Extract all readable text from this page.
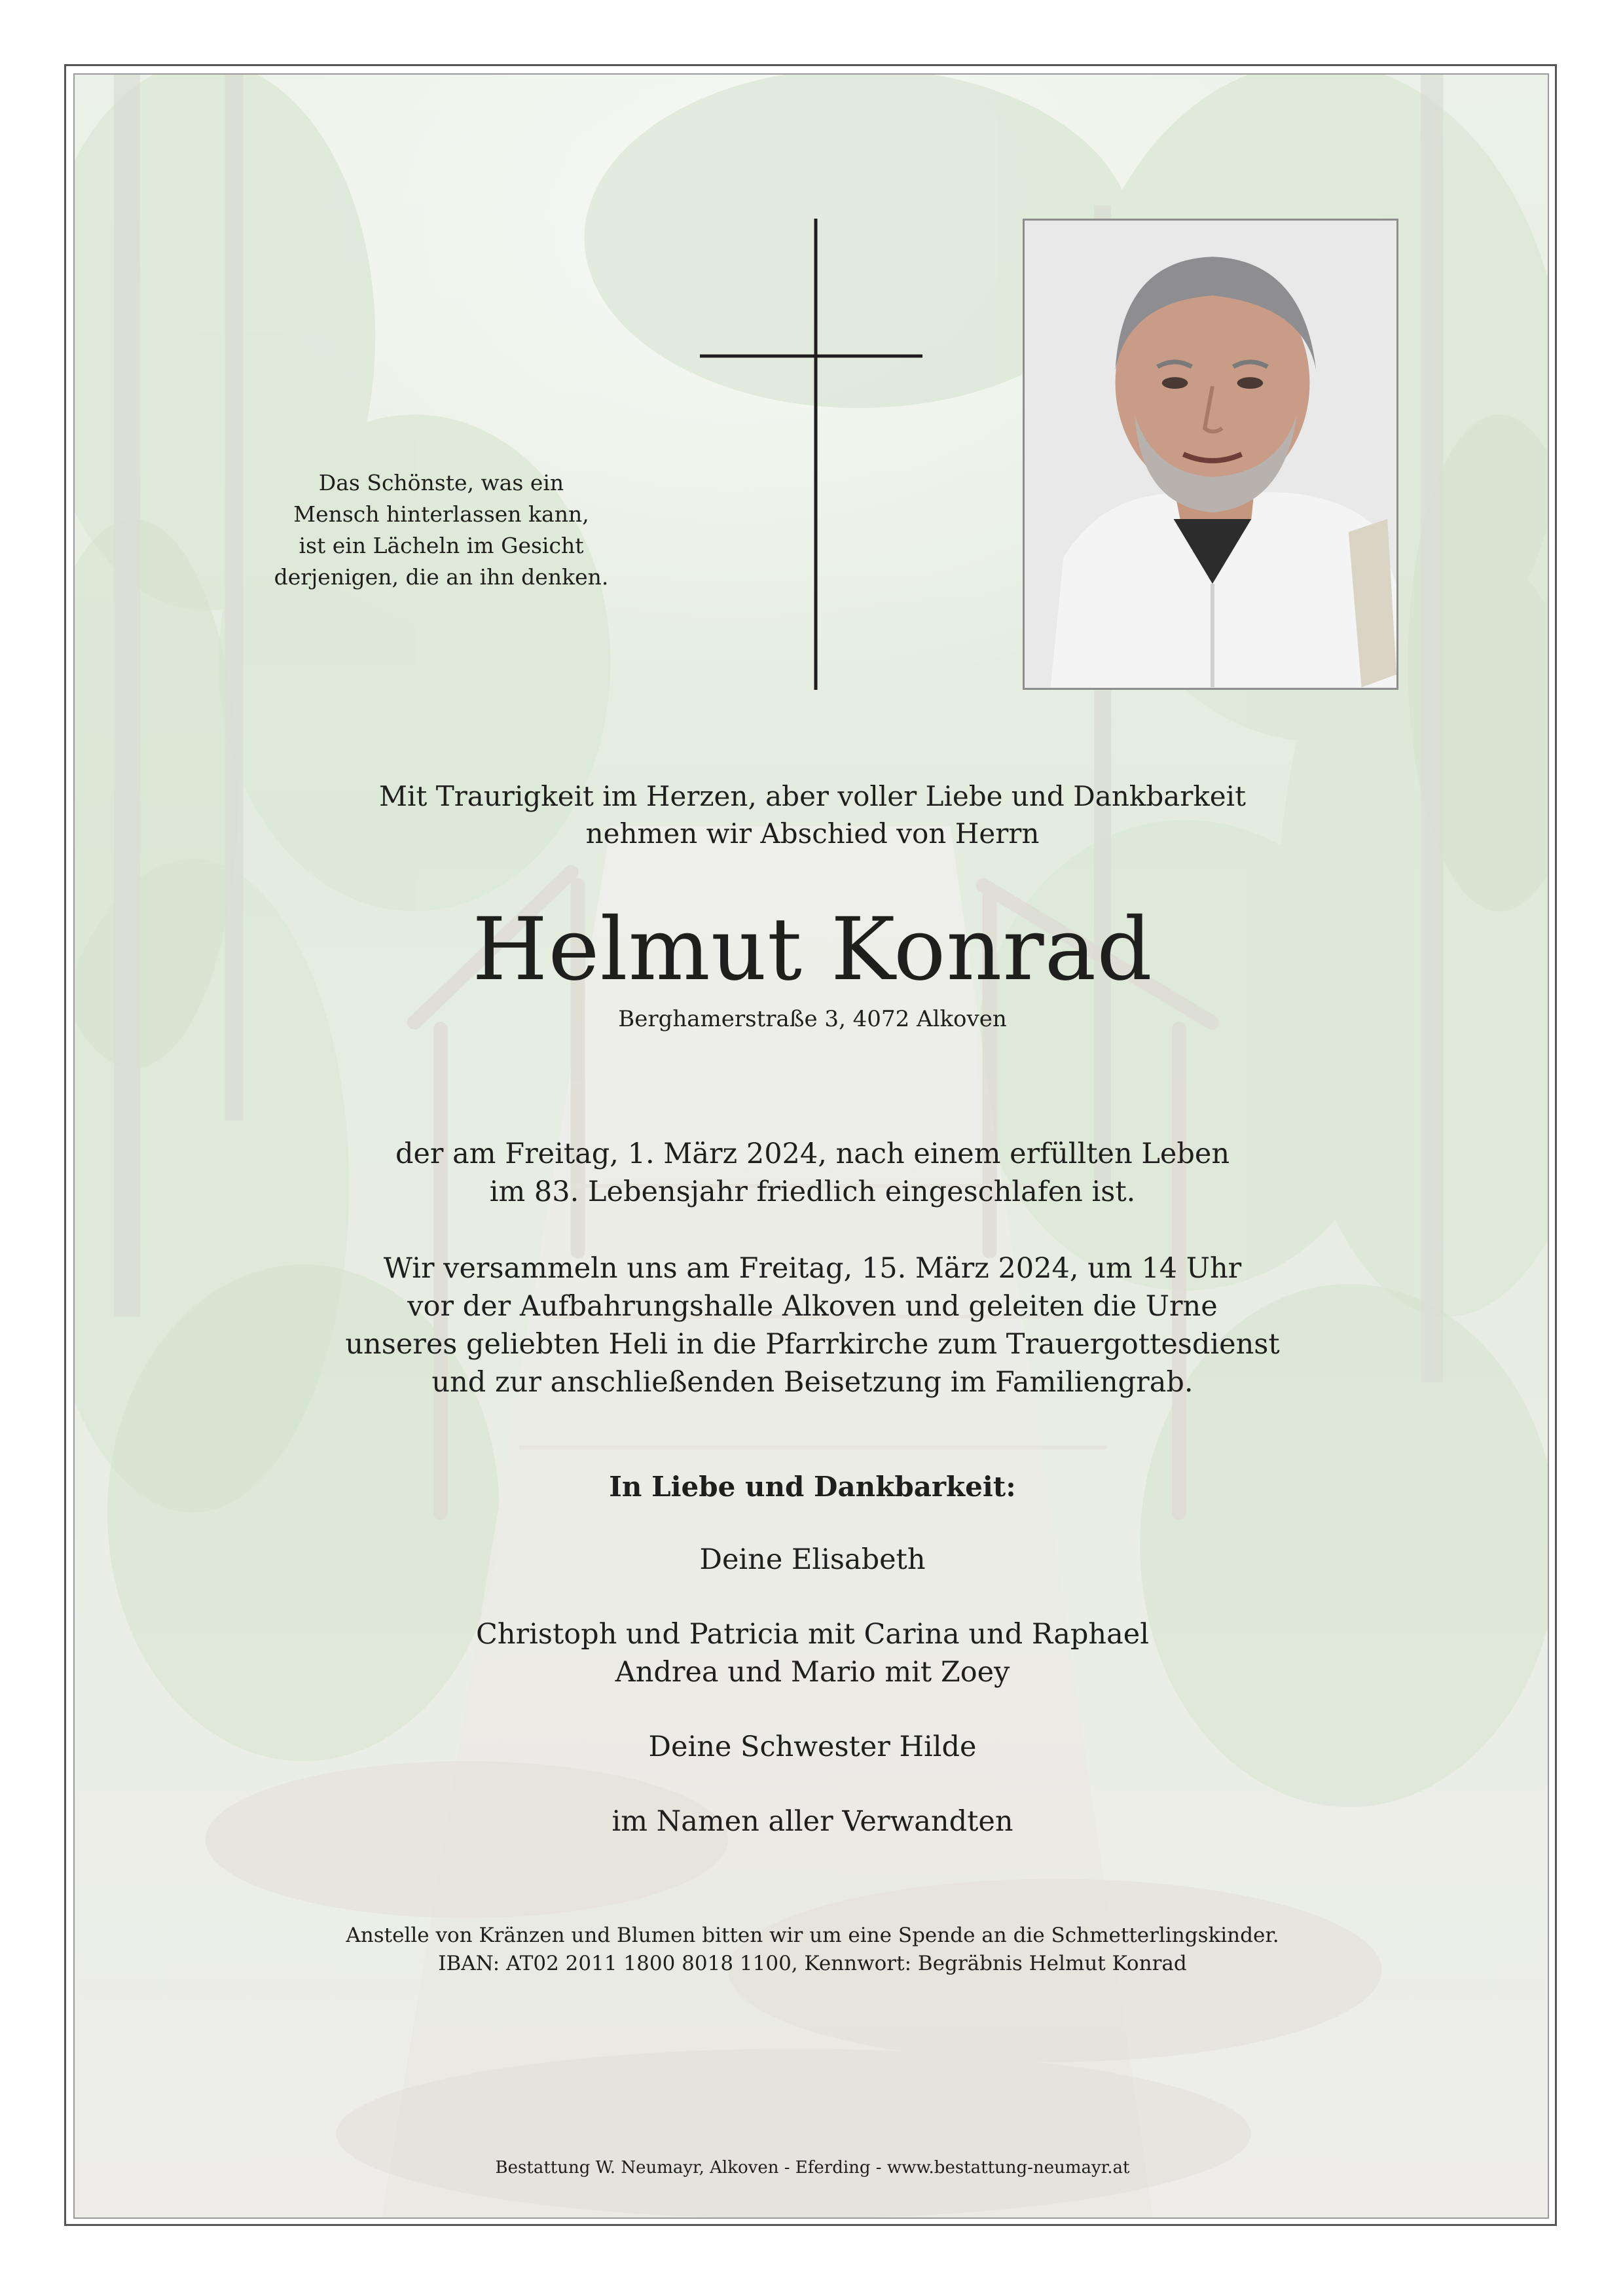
Das Schönste, was ein
Mensch hinterlassen kann,
ist ein Lächeln im Gesicht
derjenigen, die an ihn denken.
Mit Traurigkeit im Herzen, aber voller Liebe und Dankbarkeit
nehmen wir Abschied von Herrn
Helmut Konrad
Berghamerstraße 3, 4072 Alkoven
der am Freitag, 1. März 2024, nach einem erfüllten Leben
im 83. Lebensjahr friedlich eingeschlafen ist.
Wir versammeln uns am Freitag, 15. März 2024, um 14 Uhr
vor der Aufbahrungshalle Alkoven und geleiten die Urne
unseres geliebten Heli in die Pfarrkirche zum Trauergottesdienst
und zur anschließenden Beisetzung im Familiengrab.
In Liebe und Dankbarkeit:
Deine Elisabeth
Christoph und Patricia mit Carina und Raphael
Andrea und Mario mit Zoey
Deine Schwester Hilde
im Namen aller Verwandten
Anstelle von Kränzen und Blumen bitten wir um eine Spende an die Schmetterlingskinder.
IBAN: AT02 2011 1800 8018 1100, Kennwort: Begräbnis Helmut Konrad
Bestattung W. Neumayr, Alkoven - Eferding - www.bestattung-neumayr.at
